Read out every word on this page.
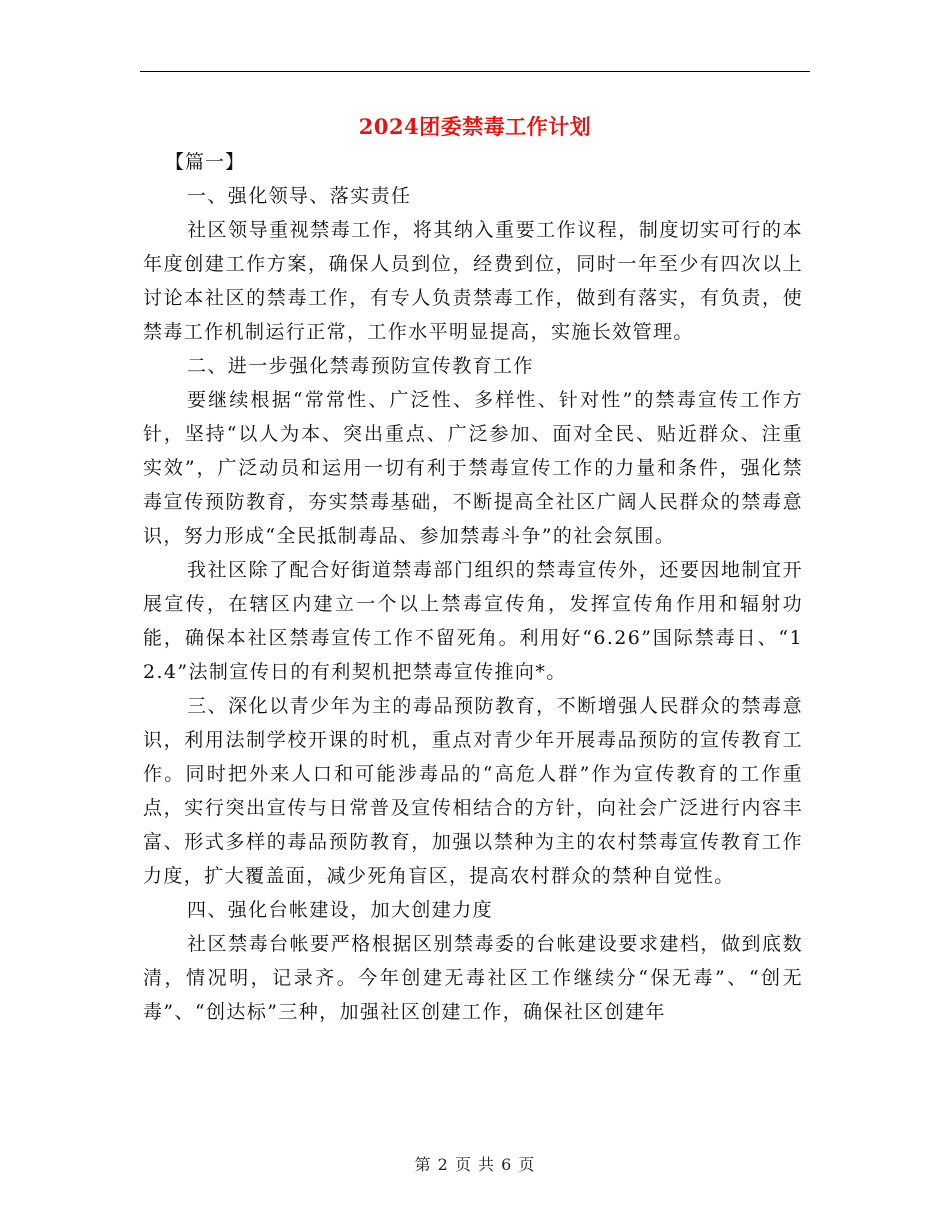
2024团委禁毒工作计划

【篇一】

一、强化领导、落实责任

社区领导重视禁毒工作，将其纳入重要工作议程，制度切实可行的本年度创建工作方案，确保人员到位，经费到位，同时一年至少有四次以上讨论本社区的禁毒工作，有专人负责禁毒工作，做到有落实，有负责，使禁毒工作机制运行正常，工作水平明显提高，实施长效管理。

二、进一步强化禁毒预防宣传教育工作

要继续根据“常常性、广泛性、多样性、针对性”的禁毒宣传工作方针，坚持“以人为本、突出重点、广泛参加、面对全民、贴近群众、注重实效”，广泛动员和运用一切有利于禁毒宣传工作的力量和条件，强化禁毒宣传预防教育，夯实禁毒基础，不断提高全社区广阔人民群众的禁毒意识，努力形成“全民抵制毒品、参加禁毒斗争”的社会氛围。

我社区除了配合好街道禁毒部门组织的禁毒宣传外，还要因地制宜开展宣传，在辖区内建立一个以上禁毒宣传角，发挥宣传角作用和辐射功能，确保本社区禁毒宣传工作不留死角。利用好“6.26”国际禁毒日、“12.4”法制宣传日的有利契机把禁毒宣传推向*。

三、深化以青少年为主的毒品预防教育，不断增强人民群众的禁毒意识，利用法制学校开课的时机，重点对青少年开展毒品预防的宣传教育工作。同时把外来人口和可能涉毒品的“高危人群”作为宣传教育的工作重点，实行突出宣传与日常普及宣传相结合的方针，向社会广泛进行内容丰富、形式多样的毒品预防教育，加强以禁种为主的农村禁毒宣传教育工作力度，扩大覆盖面，减少死角盲区，提高农村群众的禁种自觉性。

四、强化台帐建设，加大创建力度

社区禁毒台帐要严格根据区别禁毒委的台帐建设要求建档，做到底数清，情况明，记录齐。今年创建无毒社区工作继续分“保无毒”、“创无毒”、“创达标”三种，加强社区创建工作，确保社区创建年

第 2 页 共 6 页
